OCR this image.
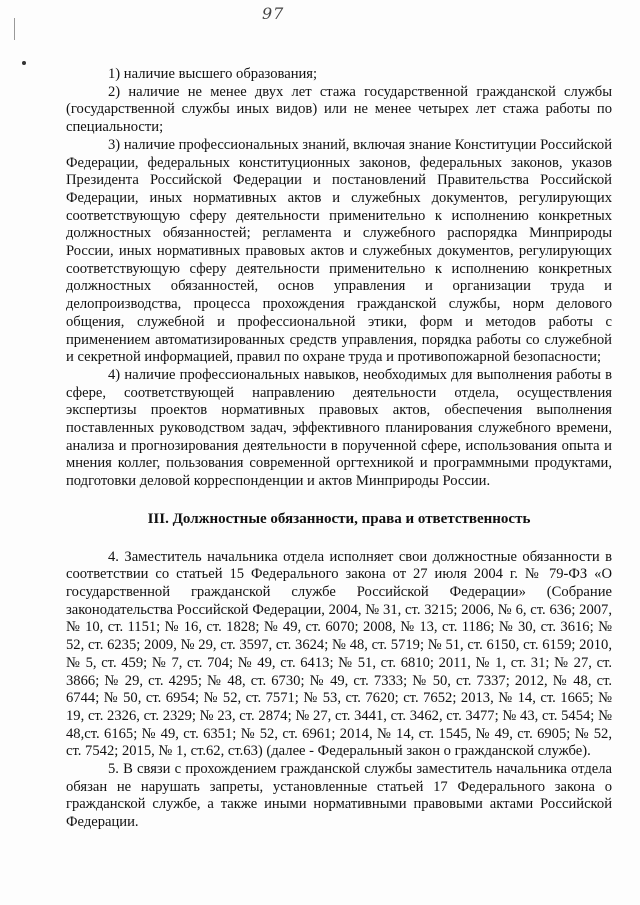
97

1) наличие высшего образования;

2) наличие не менее двух лет стажа государственной гражданской службы (государственной службы иных видов) или не менее четырех лет стажа работы по специальности;

3) наличие профессиональных знаний, включая знание Конституции Российской Федерации, федеральных конституционных законов, федеральных законов, указов Президента Российской Федерации и постановлений Правительства Российской Федерации, иных нормативных актов и служебных документов, регулирующих соответствующую сферу деятельности применительно к исполнению конкретных должностных обязанностей; регламента и служебного распорядка Минприроды России, иных нормативных правовых актов и служебных документов, регулирующих соответствующую сферу деятельности применительно к исполнению конкретных должностных обязанностей, основ управления и организации труда и делопроизводства, процесса прохождения гражданской службы, норм делового общения, служебной и профессиональной этики, форм и методов работы с применением автоматизированных средств управления, порядка работы со служебной и секретной информацией, правил по охране труда и противопожарной безопасности;

4) наличие профессиональных навыков, необходимых для выполнения работы в сфере, соответствующей направлению деятельности отдела, осуществления экспертизы проектов нормативных правовых актов, обеспечения выполнения поставленных руководством задач, эффективного планирования служебного времени, анализа и прогнозирования деятельности в порученной сфере, использования опыта и мнения коллег, пользования современной оргтехникой и программными продуктами, подготовки деловой корреспонденции и актов Минприроды России.

III. Должностные обязанности, права и ответственность

4. Заместитель начальника отдела исполняет свои должностные обязанности в соответствии со статьей 15 Федерального закона от 27 июля 2004 г. № 79-ФЗ «О государственной гражданской службе Российской Федерации» (Собрание законодательства Российской Федерации, 2004, № 31, ст. 3215; 2006, № 6, ст. 636; 2007, № 10, ст. 1151; № 16, ст. 1828; № 49, ст. 6070; 2008, № 13, ст. 1186; № 30, ст. 3616; № 52, ст. 6235; 2009, № 29, ст. 3597, ст. 3624; № 48, ст. 5719; № 51, ст. 6150, ст. 6159; 2010, № 5, ст. 459; № 7, ст. 704; № 49, ст. 6413; № 51, ст. 6810; 2011, № 1, ст. 31; № 27, ст. 3866; № 29, ст. 4295; № 48, ст. 6730; № 49, ст. 7333; № 50, ст. 7337; 2012, № 48, ст. 6744; № 50, ст. 6954; № 52, ст. 7571; № 53, ст. 7620; ст. 7652; 2013, № 14, ст. 1665; № 19, ст. 2326, ст. 2329; № 23, ст. 2874; № 27, ст. 3441, ст. 3462, ст. 3477; № 43, ст. 5454; № 48,ст. 6165; № 49, ст. 6351; № 52, ст. 6961; 2014, № 14, ст. 1545, № 49, ст. 6905; № 52, ст. 7542; 2015, № 1, ст.62, ст.63) (далее - Федеральный закон о гражданской службе).

5. В связи с прохождением гражданской службы заместитель начальника отдела обязан не нарушать запреты, установленные статьей 17 Федерального закона о гражданской службе, а также иными нормативными правовыми актами Российской Федерации.
